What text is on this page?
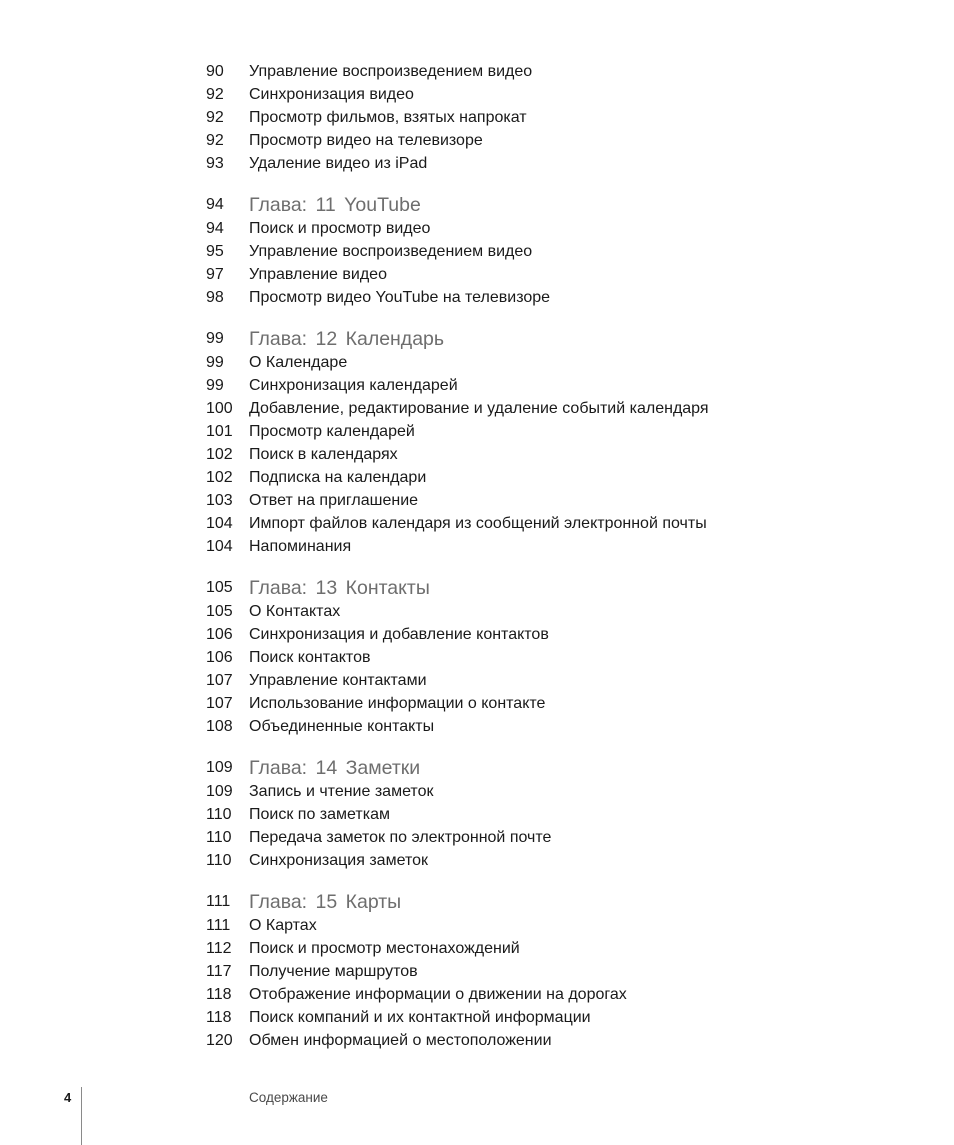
90	Управление воспроизведением видео
92	Синхронизация видео
92	Просмотр фильмов, взятых напрокат
92	Просмотр видео на телевизоре
93	Удаление видео из iPad
94	Глава: 11 YouTube
94	Поиск и просмотр видео
95	Управление воспроизведением видео
97	Управление видео
98	Просмотр видео YouTube на телевизоре
99	Глава: 12 Календарь
99	О Календаре
99	Синхронизация календарей
100	Добавление, редактирование и удаление событий календаря
101	Просмотр календарей
102	Поиск в календарях
102	Подписка на календари
103	Ответ на приглашение
104	Импорт файлов календаря из сообщений электронной почты
104	Напоминания
105 Глава: 13 Контакты
105	О Контактах
106	Синхронизация и добавление контактов
106	Поиск контактов
107	Управление контактами
107	Использование информации о контакте
108	Объединенные контакты
109 Глава: 14 Заметки
109	Запись и чтение заметок
110	Поиск по заметкам
110	Передача заметок по электронной почте
110	Синхронизация заметок
111 Глава: 15 Карты
111	О Картах
112	Поиск и просмотр местонахождений
117	Получение маршрутов
118	Отображение информации о движении на дорогах
118	Поиск компаний и их контактной информации
120	Обмен информацией о местоположении
4	Содержание
